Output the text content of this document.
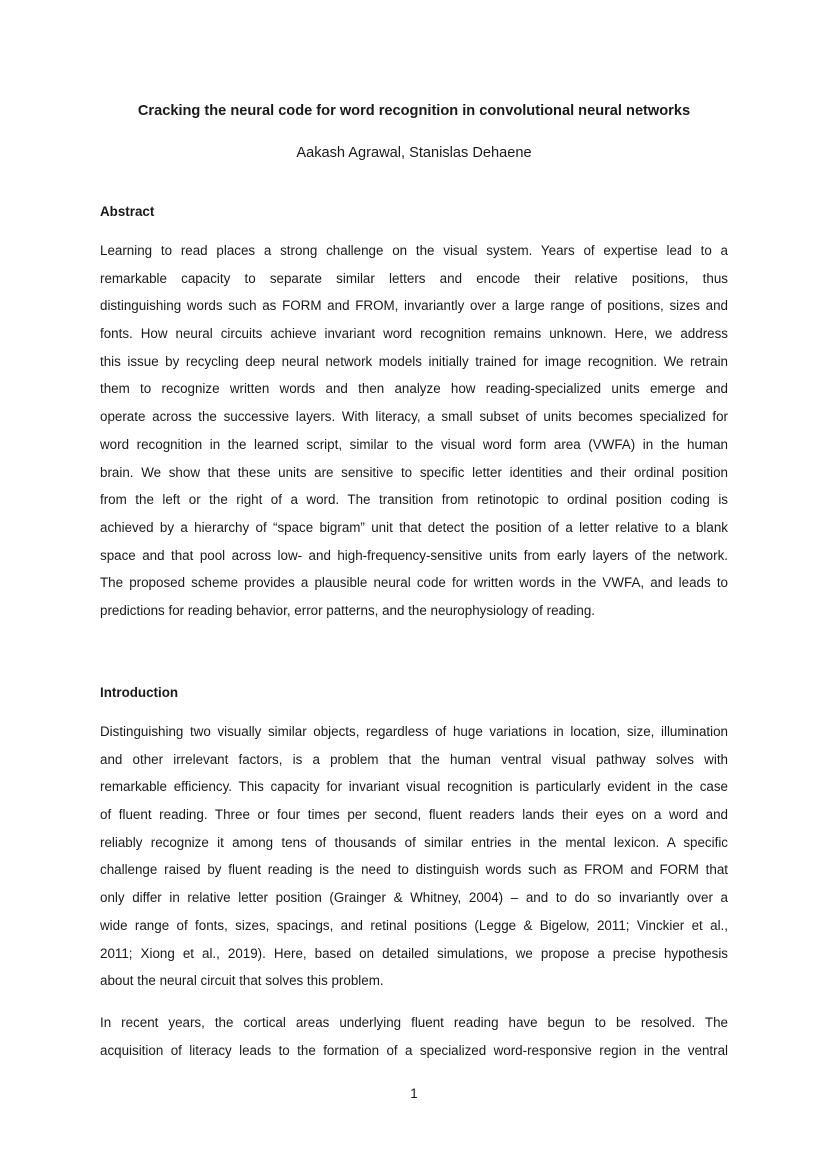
Cracking the neural code for word recognition in convolutional neural networks
Aakash Agrawal, Stanislas Dehaene
Abstract
Learning to read places a strong challenge on the visual system. Years of expertise lead to a
remarkable capacity to separate similar letters and encode their relative positions, thus
distinguishing words such as FORM and FROM, invariantly over a large range of positions, sizes and
fonts. How neural circuits achieve invariant word recognition remains unknown. Here, we address
this issue by recycling deep neural network models initially trained for image recognition. We retrain
them to recognize written words and then analyze how reading-specialized units emerge and
operate across the successive layers. With literacy, a small subset of units becomes specialized for
word recognition in the learned script, similar to the visual word form area (VWFA) in the human
brain. We show that these units are sensitive to specific letter identities and their ordinal position
from the left or the right of a word. The transition from retinotopic to ordinal position coding is
achieved by a hierarchy of “space bigram” unit that detect the position of a letter relative to a blank
space and that pool across low- and high-frequency-sensitive units from early layers of the network.
The proposed scheme provides a plausible neural code for written words in the VWFA, and leads to
predictions for reading behavior, error patterns, and the neurophysiology of reading.
Introduction
Distinguishing two visually similar objects, regardless of huge variations in location, size, illumination
and other irrelevant factors, is a problem that the human ventral visual pathway solves with
remarkable efficiency. This capacity for invariant visual recognition is particularly evident in the case
of fluent reading. Three or four times per second, fluent readers lands their eyes on a word and
reliably recognize it among tens of thousands of similar entries in the mental lexicon. A specific
challenge raised by fluent reading is the need to distinguish words such as FROM and FORM that
only differ in relative letter position (Grainger & Whitney, 2004) – and to do so invariantly over a
wide range of fonts, sizes, spacings, and retinal positions (Legge & Bigelow, 2011; Vinckier et al.,
2011; Xiong et al., 2019). Here, based on detailed simulations, we propose a precise hypothesis
about the neural circuit that solves this problem.
In recent years, the cortical areas underlying fluent reading have begun to be resolved. The
acquisition of literacy leads to the formation of a specialized word-responsive region in the ventral
1
